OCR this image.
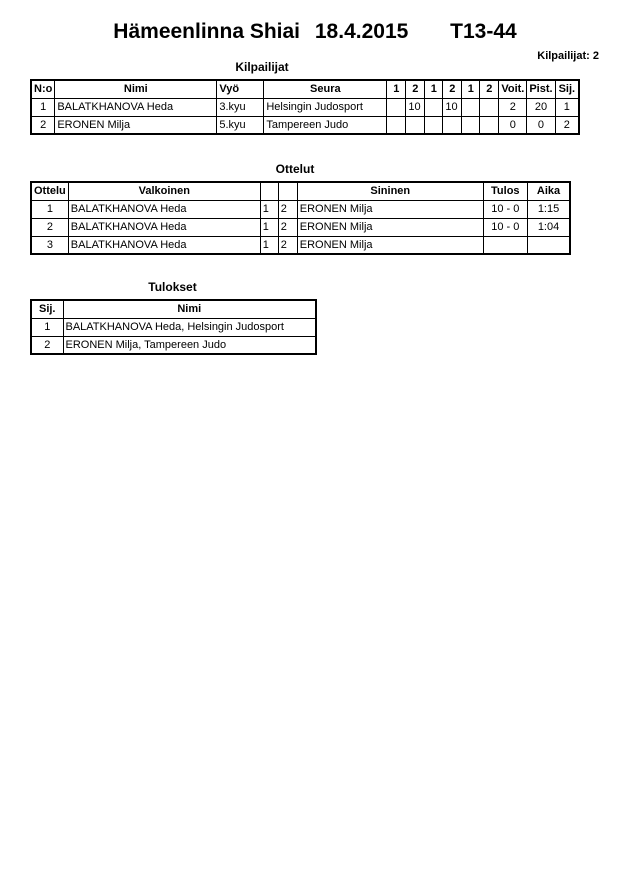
Hämeenlinna Shiai 18.4.2015 T13-44
Kilpailijat: 2
Kilpailijat
N:o	Nimi	Vyö	Seura	1	2	1	2	1	2	Voit.	Pist.	Sij.
1	BALATKHANOVA Heda	3.kyu	Helsingin Judosport		10		10			2	20	1
2	ERONEN Milja	5.kyu	Tampereen Judo							0	0	2
Ottelut
Ottelu	Valkoinen			Sininen	Tulos	Aika
1	BALATKHANOVA Heda	1	2	ERONEN Milja	10 - 0	1:15
2	BALATKHANOVA Heda	1	2	ERONEN Milja	10 - 0	1:04
3	BALATKHANOVA Heda	1	2	ERONEN Milja		
Tulokset
Sij.	Nimi
1	BALATKHANOVA Heda, Helsingin Judosport
2	ERONEN Milja, Tampereen Judo
